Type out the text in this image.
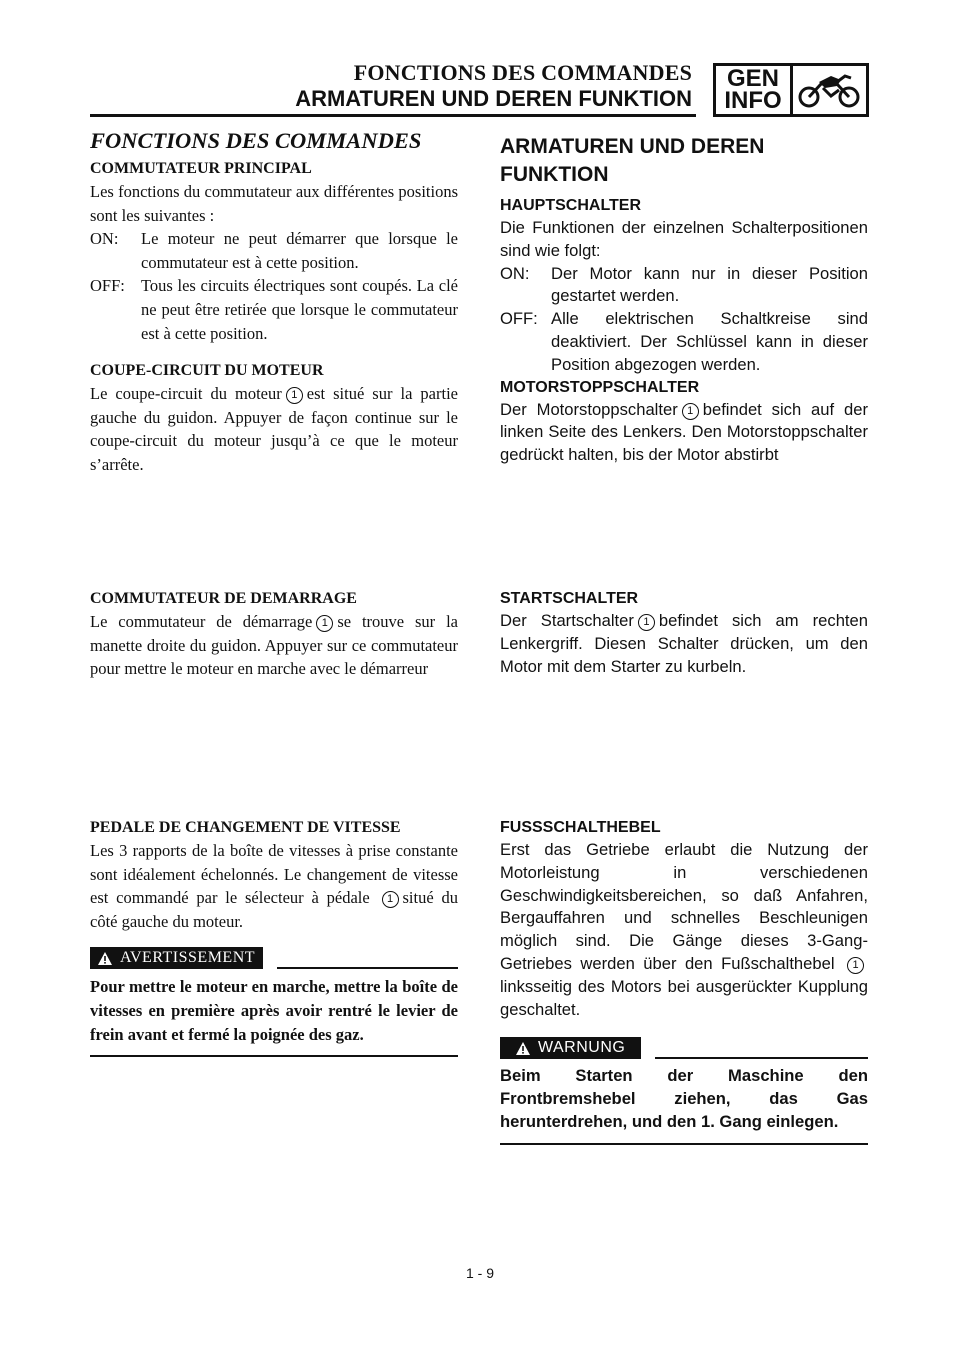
FONCTIONS DES COMMANDES
ARMATUREN UND DEREN FUNKTION
GEN
INFO
FONCTIONS DES COMMANDES

COMMUTATEUR PRINCIPAL

Les fonctions du commutateur aux différentes positions sont les suivantes :

ON:	Le moteur ne peut démarrer que lorsque le commutateur est à cette position.
OFF: Tous les circuits électriques sont coupés. La clé ne peut être retirée que lorsque le commutateur est à cette position.

COUPE-CIRCUIT DU MOTEUR

Le coupe-circuit du moteur 1 est situé sur la partie gauche du guidon. Appuyer de façon continue sur le coupe-circuit du moteur jusqu’à ce que le moteur s’arrête.

COMMUTATEUR DE DEMARRAGE

Le commutateur de démarrage 1 se trouve sur la manette droite du guidon. Appuyer sur ce commutateur pour mettre le moteur en marche avec le démarreur

PEDALE DE CHANGEMENT DE VITESSE

Les 3 rapports de la boîte de vitesses à prise constante sont idéalement échelonnés. Le changement de vitesse est commandé par le sélecteur à pédale 1 situé du côté gauche du moteur.

AVERTISSEMENT

Pour mettre le moteur en marche, mettre la boîte de vitesses en première après avoir rentré le levier de frein avant et fermé la poignée des gaz.

ARMATUREN UND DEREN FUNKTION

HAUPTSCHALTER

Die Funktionen der einzelnen Schalterpositionen sind wie folgt:

ON:	Der Motor kann nur in dieser Position gestartet werden.
OFF: Alle elektrischen Schaltkreise sind deaktiviert. Der Schlüssel kann in dieser Position abgezogen werden.

MOTORSTOPPSCHALTER

Der Motorstoppschalter 1 befindet sich auf der linken Seite des Lenkers. Den Motorstoppschalter gedrückt halten, bis der Motor abstirbt

STARTSCHALTER

Der Startschalter 1 befindet sich am rechten Lenkergriff. Diesen Schalter drücken, um den Motor mit dem Starter zu kurbeln.

FUSSSCHALTHEBEL

Erst das Getriebe erlaubt die Nutzung der Motorleistung in verschiedenen Geschwindigkeitsbereichen, so daß Anfahren, Bergauffahren und schnelles Beschleunigen möglich sind. Die Gänge dieses 3-Gang-Getriebes werden über den Fußschalthebel 1linksseitig des Motors bei ausgerückter Kupplung geschaltet.

WARNUNG

Beim Starten der Maschine den Frontbremshebel ziehen, das Gas herunterdrehen, und den 1. Gang einlegen.

1 - 9
